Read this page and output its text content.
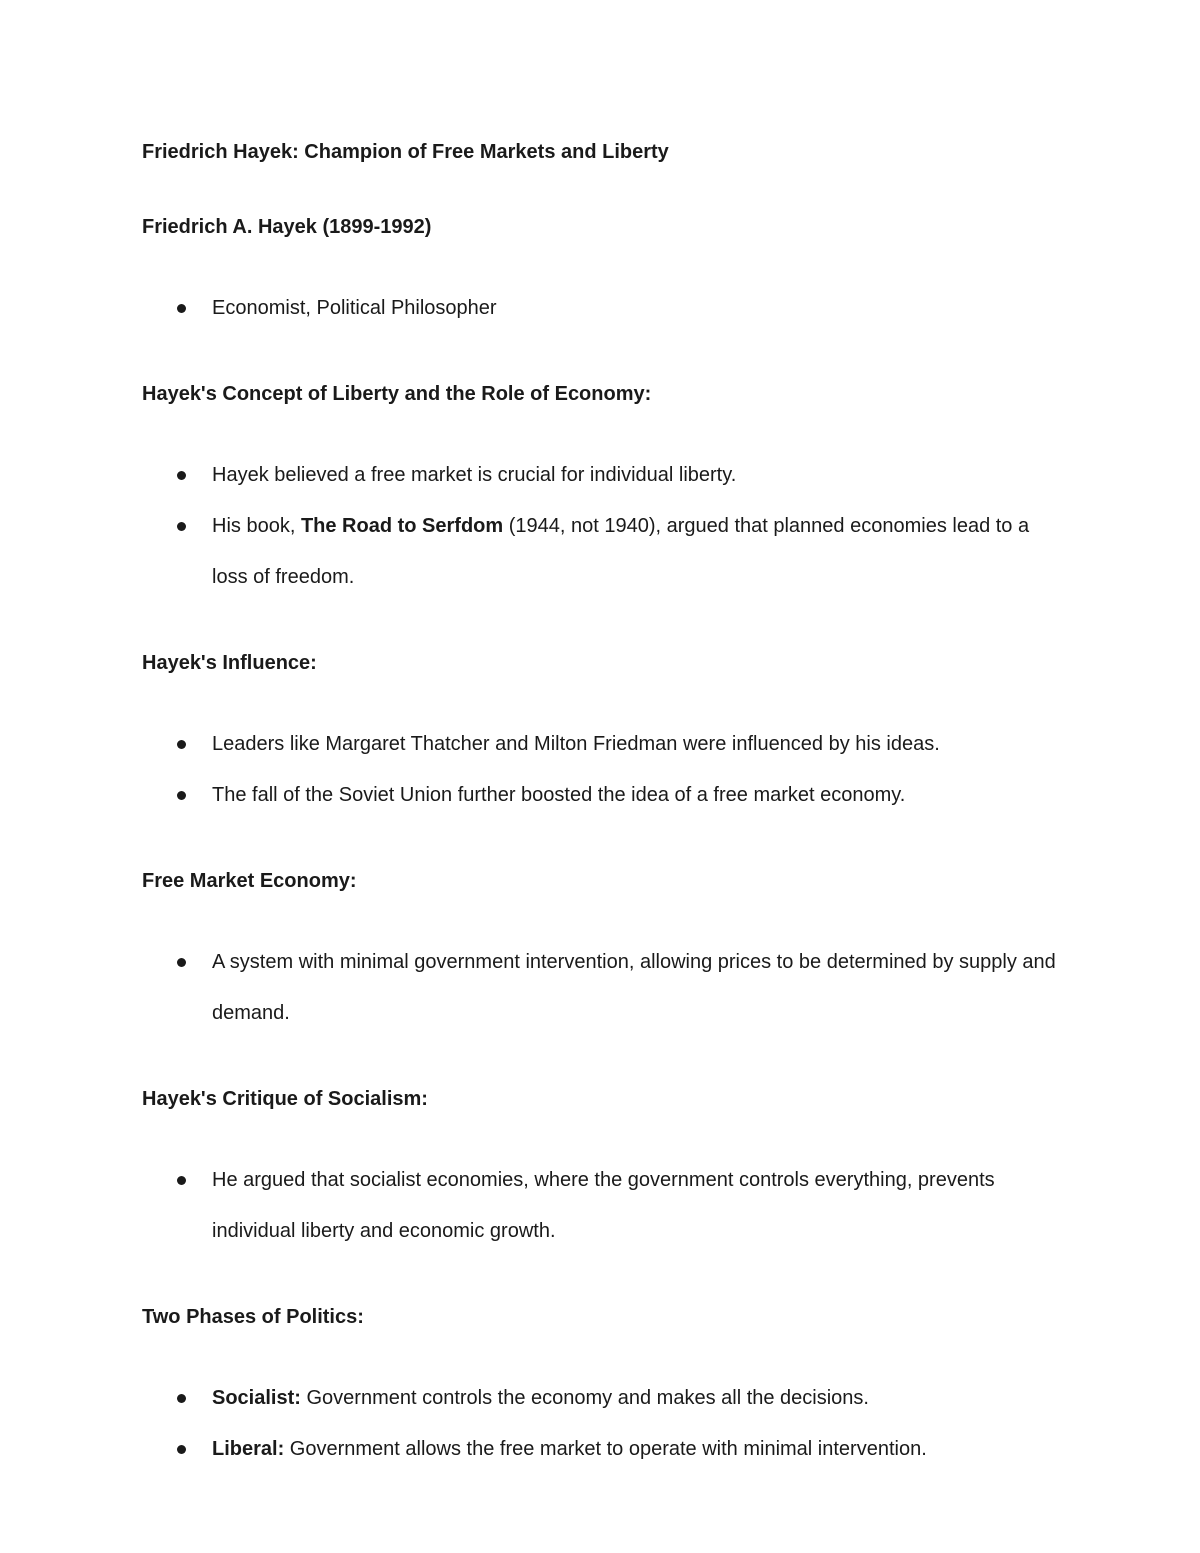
Friedrich Hayek: Champion of Free Markets and Liberty

Friedrich A. Hayek (1899-1992)

Economist, Political Philosopher

Hayek's Concept of Liberty and the Role of Economy:

Hayek believed a free market is crucial for individual liberty.
His book, The Road to Serfdom (1944, not 1940), argued that planned economies lead to a loss of freedom.

Hayek's Influence:

Leaders like Margaret Thatcher and Milton Friedman were influenced by his ideas.
The fall of the Soviet Union further boosted the idea of a free market economy.

Free Market Economy:

A system with minimal government intervention, allowing prices to be determined by supply and demand.

Hayek's Critique of Socialism:

He argued that socialist economies, where the government controls everything, prevents individual liberty and economic growth.

Two Phases of Politics:

Socialist: Government controls the economy and makes all the decisions.
Liberal: Government allows the free market to operate with minimal intervention.
